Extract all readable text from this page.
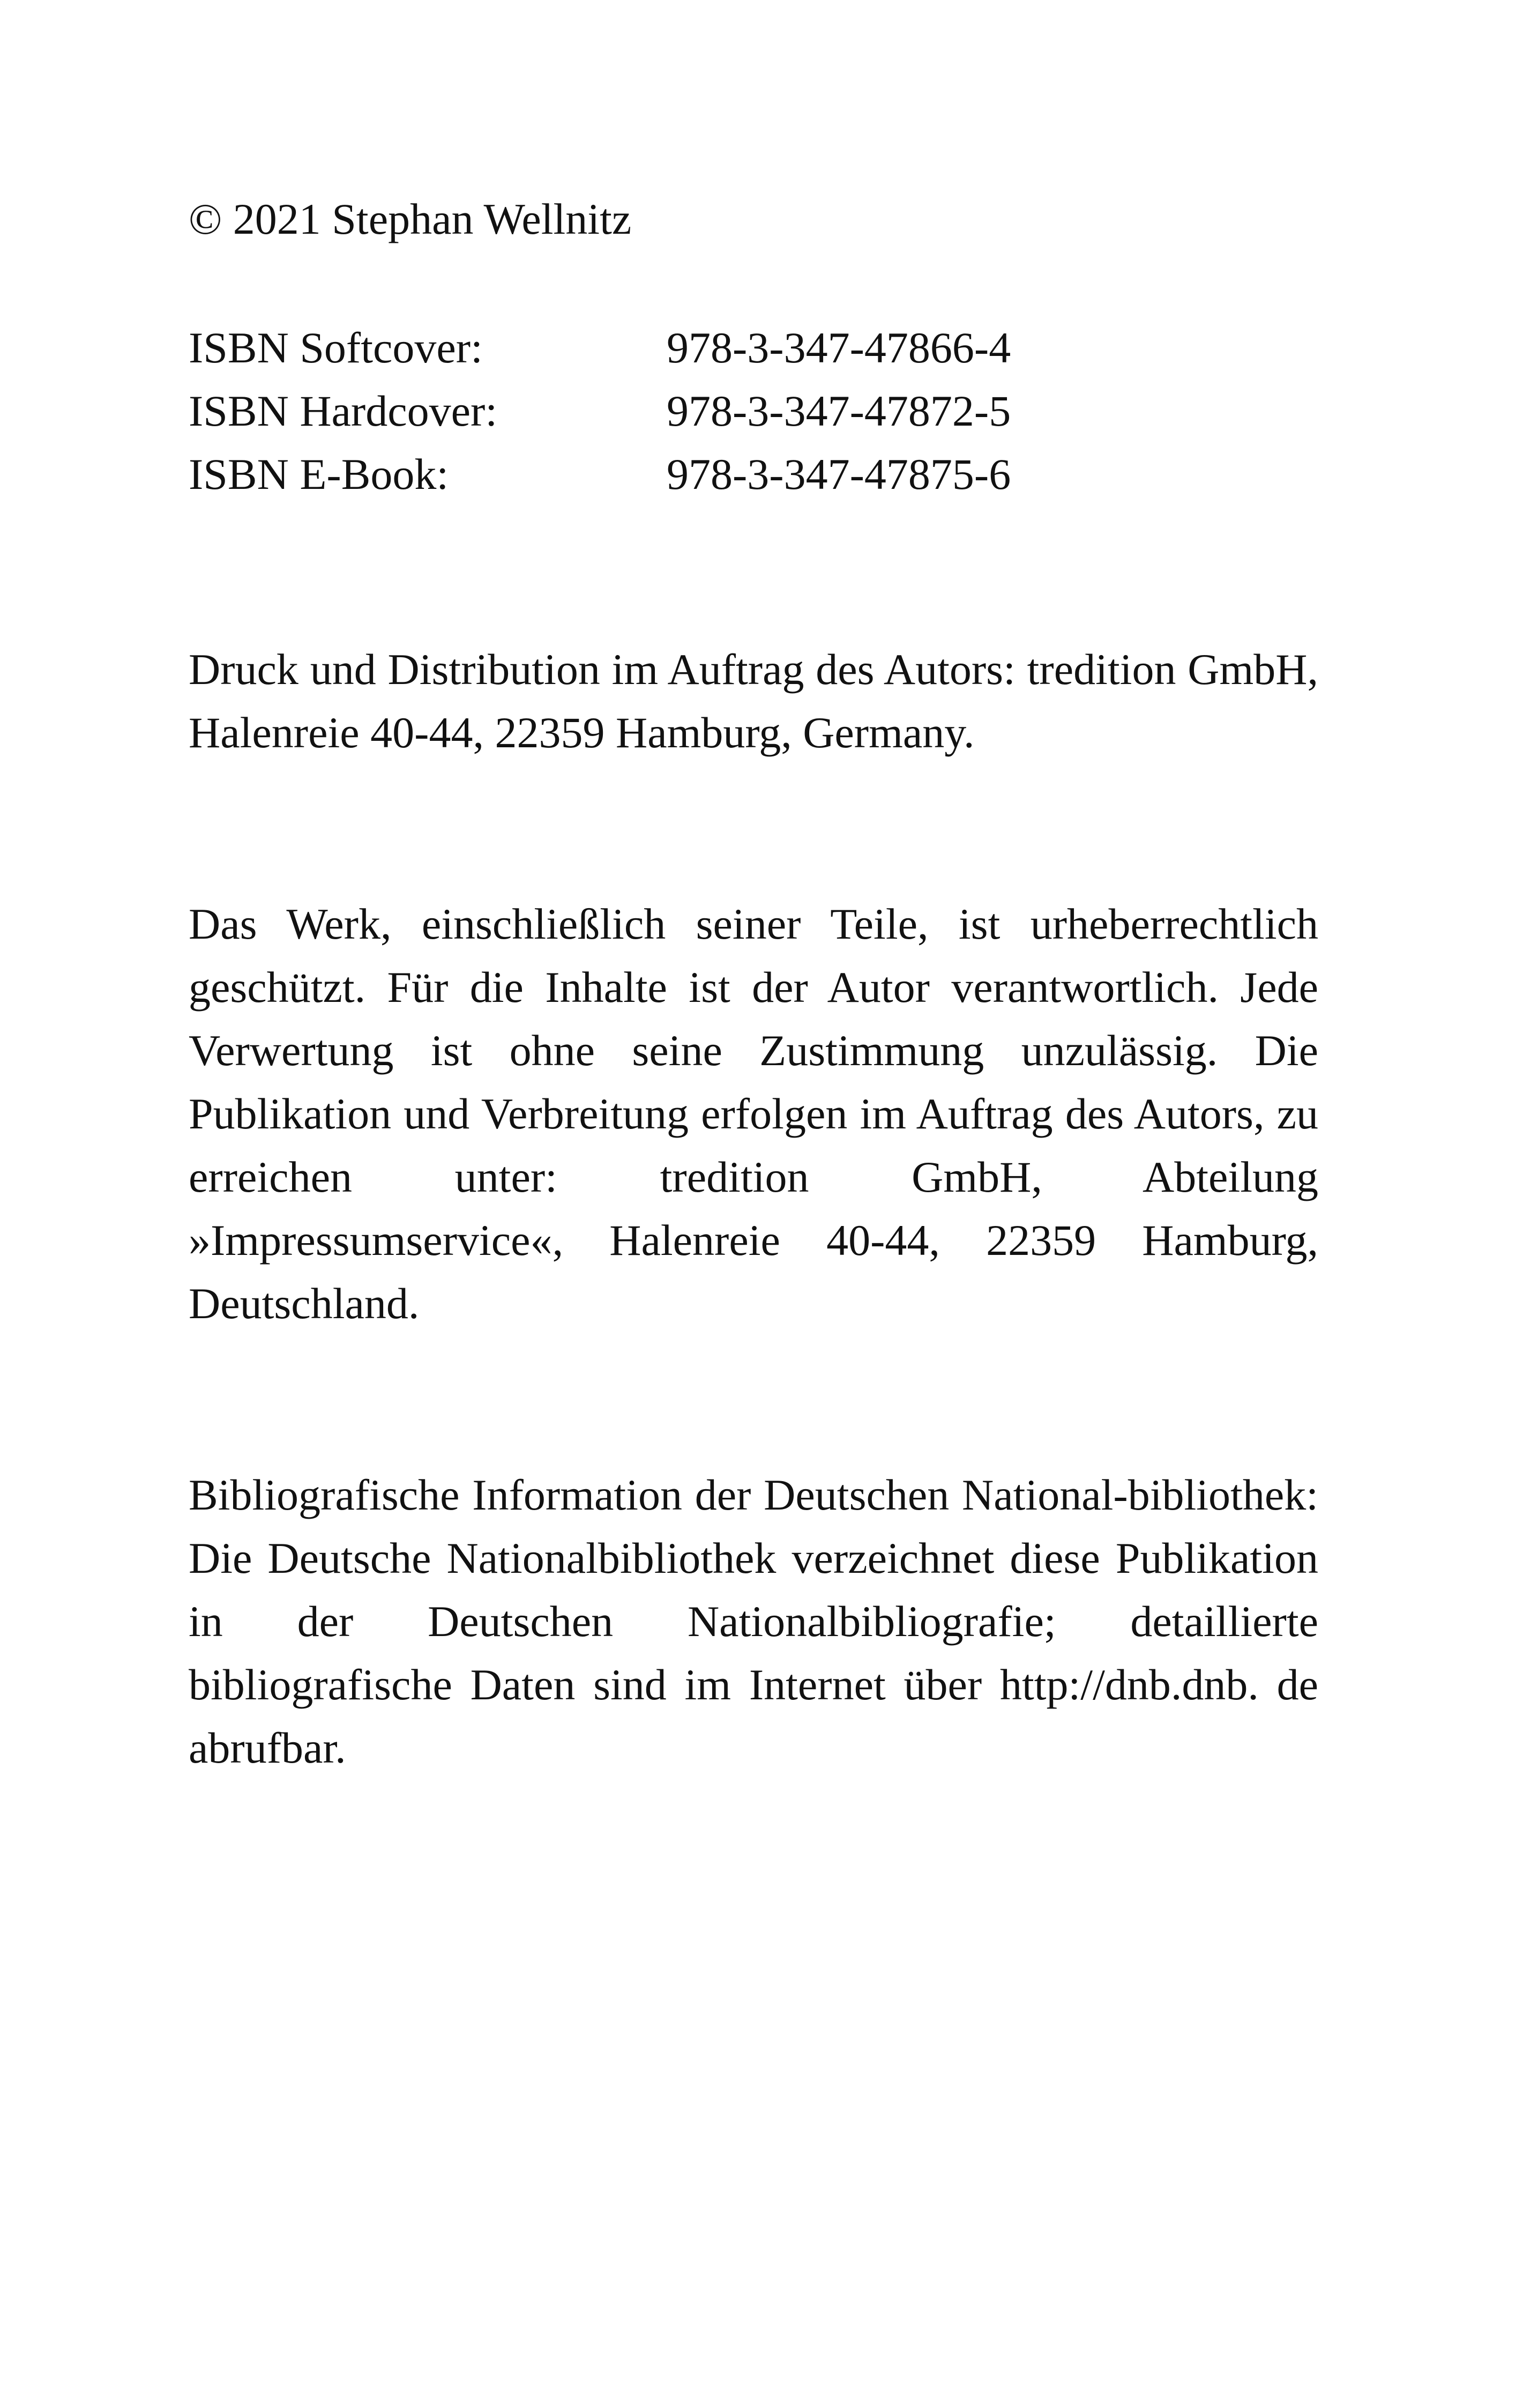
© 2021 Stephan Wellnitz
ISBN Softcover:	978-3-347-47866-4
ISBN Hardcover:	978-3-347-47872-5
ISBN E-Book:	978-3-347-47875-6
Druck und Distribution im Auftrag des Autors: tredition GmbH, Halenreie 40-44, 22359 Hamburg, Germany.
Das Werk, einschließlich seiner Teile, ist urheberrechtlich geschützt. Für die Inhalte ist der Autor verantwortlich. Jede Verwertung ist ohne seine Zustimmung unzulässig. Die Publikation und Verbreitung erfolgen im Auftrag des Autors, zu erreichen unter: tredition GmbH, Abteilung »Impressumservice«, Halenreie 40-44, 22359 Hamburg, Deutschland.
Bibliografische Information der Deutschen National-bibliothek: Die Deutsche Nationalbibliothek verzeichnet diese Publikation in der Deutschen Nationalbibliografie; detaillierte bibliografische Daten sind im Internet über http://dnb.dnb. de abrufbar.
